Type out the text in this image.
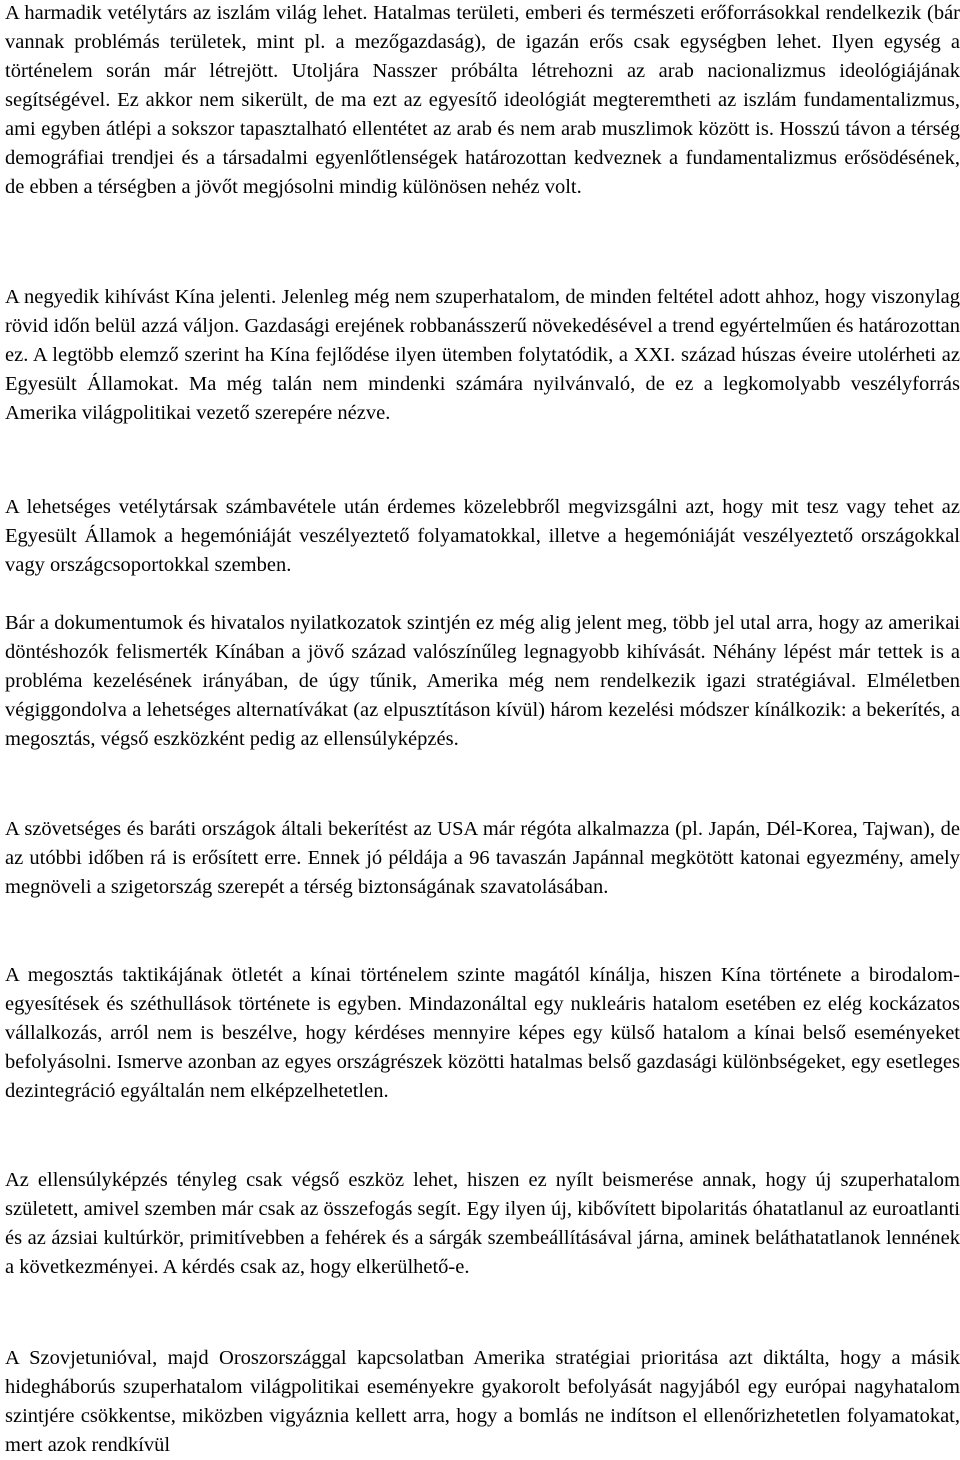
A harmadik vetélytárs az iszlám világ lehet. Hatalmas területi, emberi és természeti erőforrásokkal rendelkezik (bár vannak problémás területek, mint pl. a mezőgazdaság), de igazán erős csak egységben lehet. Ilyen egység a történelem során már létrejött. Utoljára Nasszer próbálta létrehozni az arab nacionalizmus ideológiájának segítségével. Ez akkor nem sikerült, de ma ezt az egyesítő ideológiát megteremtheti az iszlám fundamentalizmus, ami egyben átlépi a sokszor tapasztalható ellentétet az arab és nem arab muszlimok között is. Hosszú távon a térség demográfiai trendjei és a társadalmi egyenlőtlenségek határozottan kedveznek a fundamentalizmus erősödésének, de ebben a térségben a jövőt megjósolni mindig különösen nehéz volt.

A negyedik kihívást Kína jelenti. Jelenleg még nem szuperhatalom, de minden feltétel adott ahhoz, hogy viszonylag rövid időn belül azzá váljon. Gazdasági erejének robbanásszerű növekedésével a trend egyértelműen és határozottan ez. A legtöbb elemző szerint ha Kína fejlődése ilyen ütemben folytatódik, a XXI. század húszas éveire utolérheti az Egyesült Államokat. Ma még talán nem mindenki számára nyilvánvaló, de ez a legkomolyabb veszélyforrás Amerika világpolitikai vezető szerepére nézve.

A lehetséges vetélytársak számbavétele után érdemes közelebbről megvizsgálni azt, hogy mit tesz vagy tehet az Egyesült Államok a hegemóniáját veszélyeztető folyamatokkal, illetve a hegemóniáját veszélyeztető országokkal vagy országcsoportokkal szemben.

Bár a dokumentumok és hivatalos nyilatkozatok szintjén ez még alig jelent meg, több jel utal arra, hogy az amerikai döntéshozók felismerték Kínában a jövő század valószínűleg legnagyobb kihívását. Néhány lépést már tettek is a probléma kezelésének irányában, de úgy tűnik, Amerika még nem rendelkezik igazi stratégiával. Elméletben végiggondolva a lehetséges alternatívákat (az elpusztításon kívül) három kezelési módszer kínálkozik: a bekerítés, a megosztás, végső eszközként pedig az ellensúlyképzés.

A szövetséges és baráti országok általi bekerítést az USA már régóta alkalmazza (pl. Japán, Dél-Korea, Tajwan), de az utóbbi időben rá is erősített erre. Ennek jó példája a 96 tavaszán Japánnal megkötött katonai egyezmény, amely megnöveli a szigetország szerepét a térség biztonságának szavatolásában.

A megosztás taktikájának ötletét a kínai történelem szinte magától kínálja, hiszen Kína története a birodalom-egyesítések és széthullások története is egyben. Mindazonáltal egy nukleáris hatalom esetében ez elég kockázatos vállalkozás, arról nem is beszélve, hogy kérdéses mennyire képes egy külső hatalom a kínai belső eseményeket befolyásolni. Ismerve azonban az egyes országrészek közötti hatalmas belső gazdasági különbségeket, egy esetleges dezintegráció egyáltalán nem elképzelhetetlen.

Az ellensúlyképzés tényleg csak végső eszköz lehet, hiszen ez nyílt beismerése annak, hogy új szuperhatalom született, amivel szemben már csak az összefogás segít. Egy ilyen új, kibővített bipolaritás óhatatlanul az euroatlanti és az ázsiai kultúrkör, primitívebben a fehérek és a sárgák szembeállításával járna, aminek beláthatatlanok lennének a következményei. A kérdés csak az, hogy elkerülhető-e.

A Szovjetunióval, majd Oroszországgal kapcsolatban Amerika stratégiai prioritása azt diktálta, hogy a másik hidegháborús szuperhatalom világpolitikai eseményekre gyakorolt befolyását nagyjából egy európai nagyhatalom szintjére csökkentse, miközben vigyáznia kellett arra, hogy a bomlás ne indítson el ellenőrizhetetlen folyamatokat, mert azok rendkívül
